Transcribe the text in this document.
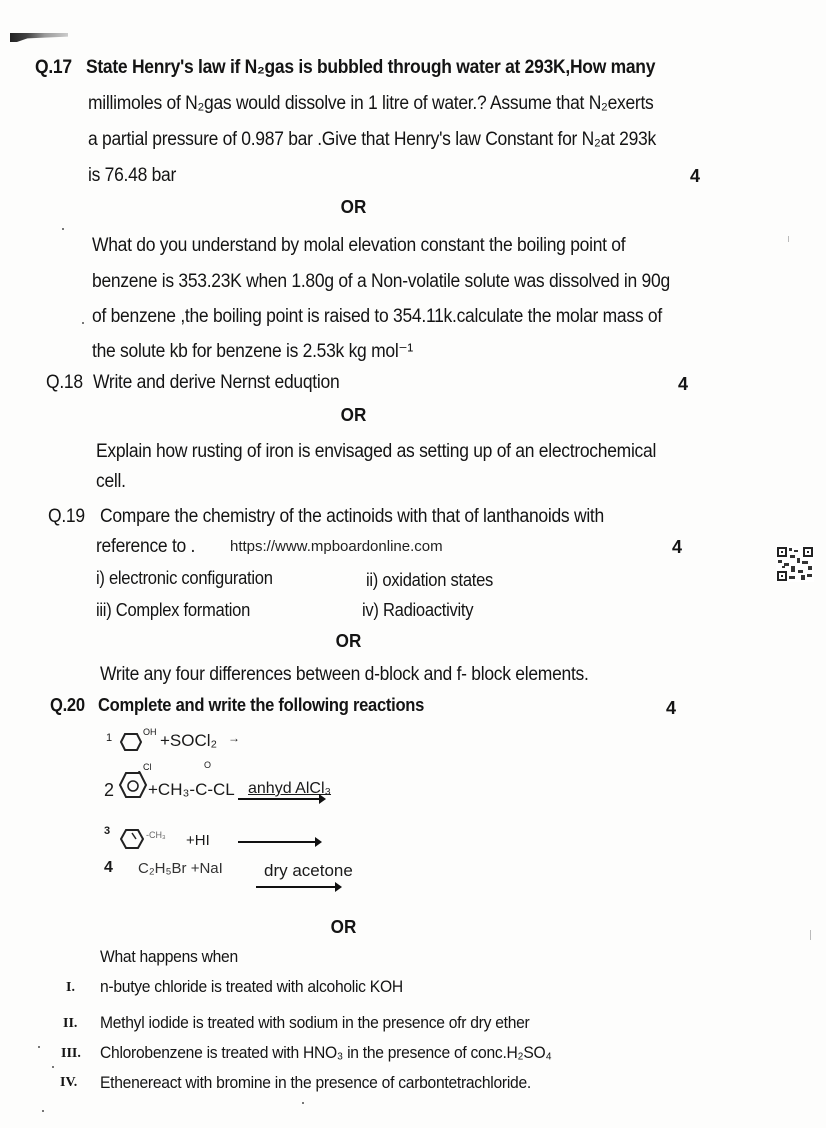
Q.17 State Henry's law if N₂gas is bubbled through water at 293K,How many
millimoles of N₂gas would dissolve in 1 litre of water.? Assume that N₂exerts
a partial pressure of 0.987 bar .Give that Henry's law Constant for N₂at 293k
is 76.48 bar	4
OR
What do you understand by molal elevation constant the boiling point of
benzene is 353.23K when 1.80g of a Non-volatile solute was dissolved in 90g
of benzene ,the boiling point is raised to 354.11k.calculate the molar mass of
the solute kb for benzene is 2.53k kg mol⁻¹
Q.18 Write and derive Nernst eduqtion	4
OR
Explain how rusting of iron is envisaged as setting up of an electrochemical
cell.
Q.19 Compare the chemistry of the actinoids with that of lanthanoids with
reference to . https://www.mpboardonline.com	4
i) electronic configuration	ii) oxidation states
iii) Complex formation	iv) Radioactivity
OR
Write any four differences between d-block and f- block elements.
Q.20 Complete and write the following reactions	4
1	OH +SOCl₂ →
2
Cl	O
+CH₃-C-CL anhyd AlCl₃
3	-CH₃ +HI
4 C₂H₅Br +NaI dry acetone
OR
What happens when
I. n-butye chloride is treated with alcoholic KOH
II. Methyl iodide is treated with sodium in the presence ofr dry ether
III. Chlorobenzene is treated with HNO₃ in the presence of conc.H₂SO₄
IV. Ethenereact with bromine in the presence of carbontetrachloride.
